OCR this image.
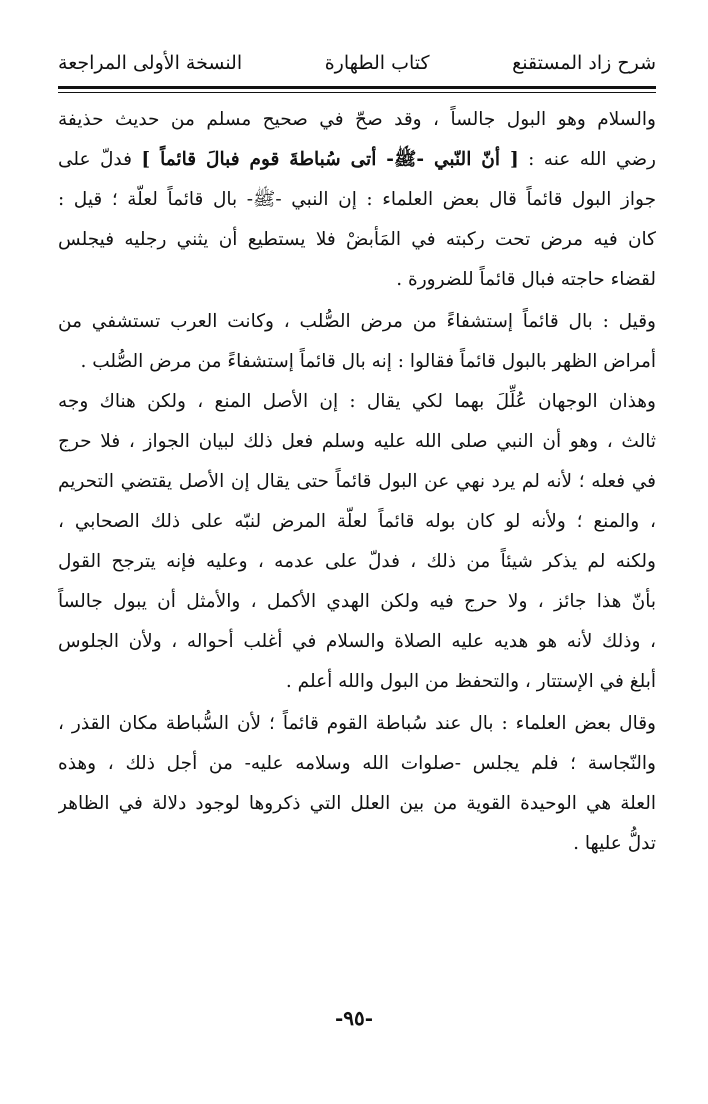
شرح زاد المستقنع
كتاب الطهارة
النسخة الأولى المراجعة
والسلام وهو البول جالساً ، وقد صحّ في صحيح مسلم من حديث حذيفة
رضي الله عنه : [ أنّ النّبي -ﷺ- أتى سُباطةَ قوم فبالَ قائماً ] فدلّ على
جواز البول قائماً قال بعض العلماء : إن النبي -ﷺ- بال قائماً لعلّة ؛ قيل :
كان فيه مرض تحت ركبته في المَأبضْ فلا يستطيع أن يثني رجليه فيجلس
لقضاء حاجته فبال قائماً للضرورة .
وقيل : بال قائماً إستشفاءً من مرض الصُّلب ، وكانت العرب تستشفي من
أمراض الظهر بالبول قائماً فقالوا : إنه بال قائماً إستشفاءً من مرض الصُّلب .
وهذان الوجهان عُلِّلَ بهما لكي يقال : إن الأصل المنع ، ولكن هناك وجه
ثالث ، وهو أن النبي صلى الله عليه وسلم فعل ذلك لبيان الجواز ، فلا حرج
في فعله ؛ لأنه لم يرد نهي عن البول قائماً حتى يقال إن الأصل يقتضي التحريم
، والمنع ؛ ولأنه لو كان بوله قائماً لعلّة المرض لنبّه على ذلك الصحابي ،
ولكنه لم يذكر شيئاً من ذلك ، فدلّ على عدمه ، وعليه فإنه يترجح القول
بأنّ هذا جائز ، ولا حرج فيه ولكن الهدي الأكمل ، والأمثل أن يبول جالساً
، وذلك لأنه هو هديه عليه الصلاة والسلام في أغلب أحواله ، ولأن الجلوس
أبلغ في الإستتار ، والتحفظ من البول والله أعلم .
وقال بعض العلماء : بال عند سُباطة القوم قائماً ؛ لأن السُّباطة مكان القذر ،
والنّجاسة ؛ فلم يجلس -صلوات الله وسلامه عليه- من أجل ذلك ، وهذه
العلة هي الوحيدة القوية من بين العلل التي ذكروها لوجود دلالة في الظاهر
تدلُّ عليها .
-٩٥-
